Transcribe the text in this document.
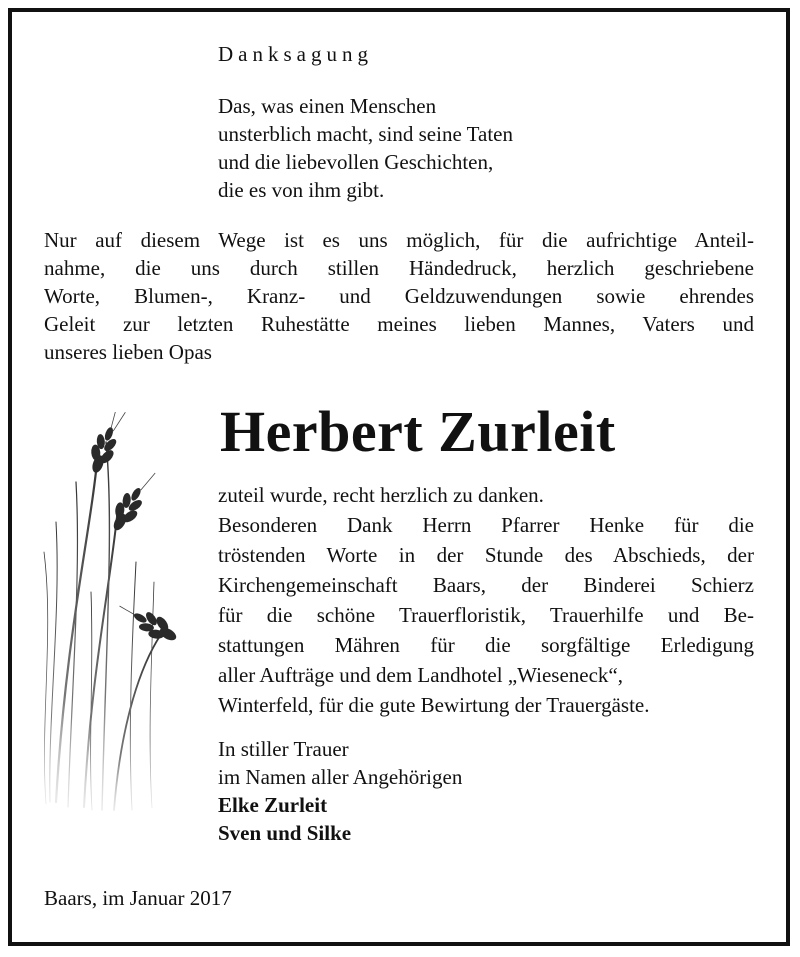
Danksagung
Das, was einen Menschen
unsterblich macht, sind seine Taten
und die liebevollen Geschichten,
die es von ihm gibt.
Nur auf diesem Wege ist es uns möglich, für die aufrichtige Anteil-
nahme, die uns durch stillen Händedruck, herzlich geschriebene
Worte, Blumen-, Kranz- und Geldzuwendungen sowie ehrendes
Geleit zur letzten Ruhestätte meines lieben Mannes, Vaters und
unseres lieben Opas
Herbert Zurleit
zuteil wurde, recht herzlich zu danken.
Besonderen Dank Herrn Pfarrer Henke für die
tröstenden Worte in der Stunde des Abschieds, der
Kirchengemeinschaft Baars, der Binderei Schierz
für die schöne Trauerfloristik, Trauerhilfe und Be-
stattungen Mähren für die sorgfältige Erledigung
aller Aufträge und dem Landhotel „Wieseneck“,
Winterfeld, für die gute Bewirtung der Trauergäste.
In stiller Trauer
im Namen aller Angehörigen
Elke Zurleit
Sven und Silke
Baars, im Januar 2017
